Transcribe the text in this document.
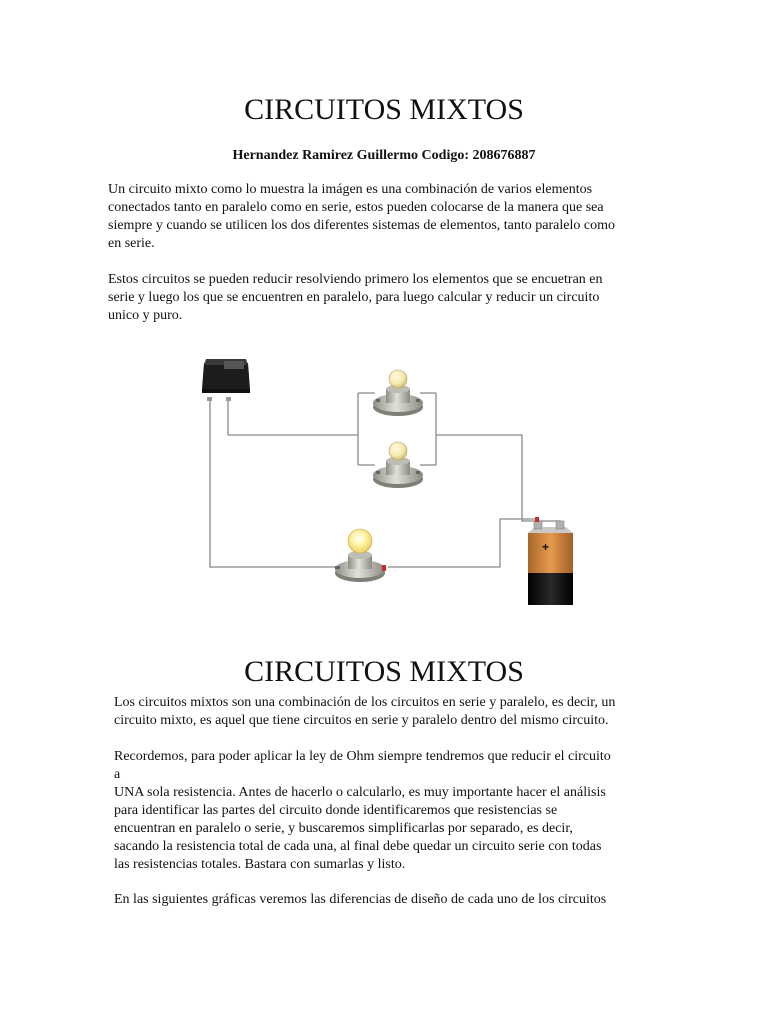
CIRCUITOS MIXTOS
Hernandez Ramirez Guillermo Codigo: 208676887

Un circuito mixto como lo muestra la imágen es una combinación de varios elementos
conectados tanto en paralelo como en serie, estos pueden colocarse de la manera que sea
siempre y cuando se utilicen los dos diferentes sistemas de elementos, tanto paralelo como
en serie.

Estos circuitos se pueden reducir resolviendo primero los elementos que se encuetran en
serie y luego los que se encuentren en paralelo, para luego calcular y reducir un circuito
unico y puro.

+
CIRCUITOS MIXTOS

Los circuitos mixtos son una combinación de los circuitos en serie y paralelo, es decir, un
circuito mixto, es aquel que tiene circuitos en serie y paralelo dentro del mismo circuito.

Recordemos, para poder aplicar la ley de Ohm siempre tendremos que reducir el circuito
a
UNA sola resistencia. Antes de hacerlo o calcularlo, es muy importante hacer el análisis
para identificar las partes del circuito donde identificaremos que resistencias se
encuentran en paralelo o serie, y buscaremos simplificarlas por separado, es decir,
sacando la resistencia total de cada una, al final debe quedar un circuito serie con todas
las resistencias totales. Bastara con sumarlas y listo.

En las siguientes gráficas veremos las diferencias de diseño de cada uno de los circuitos
